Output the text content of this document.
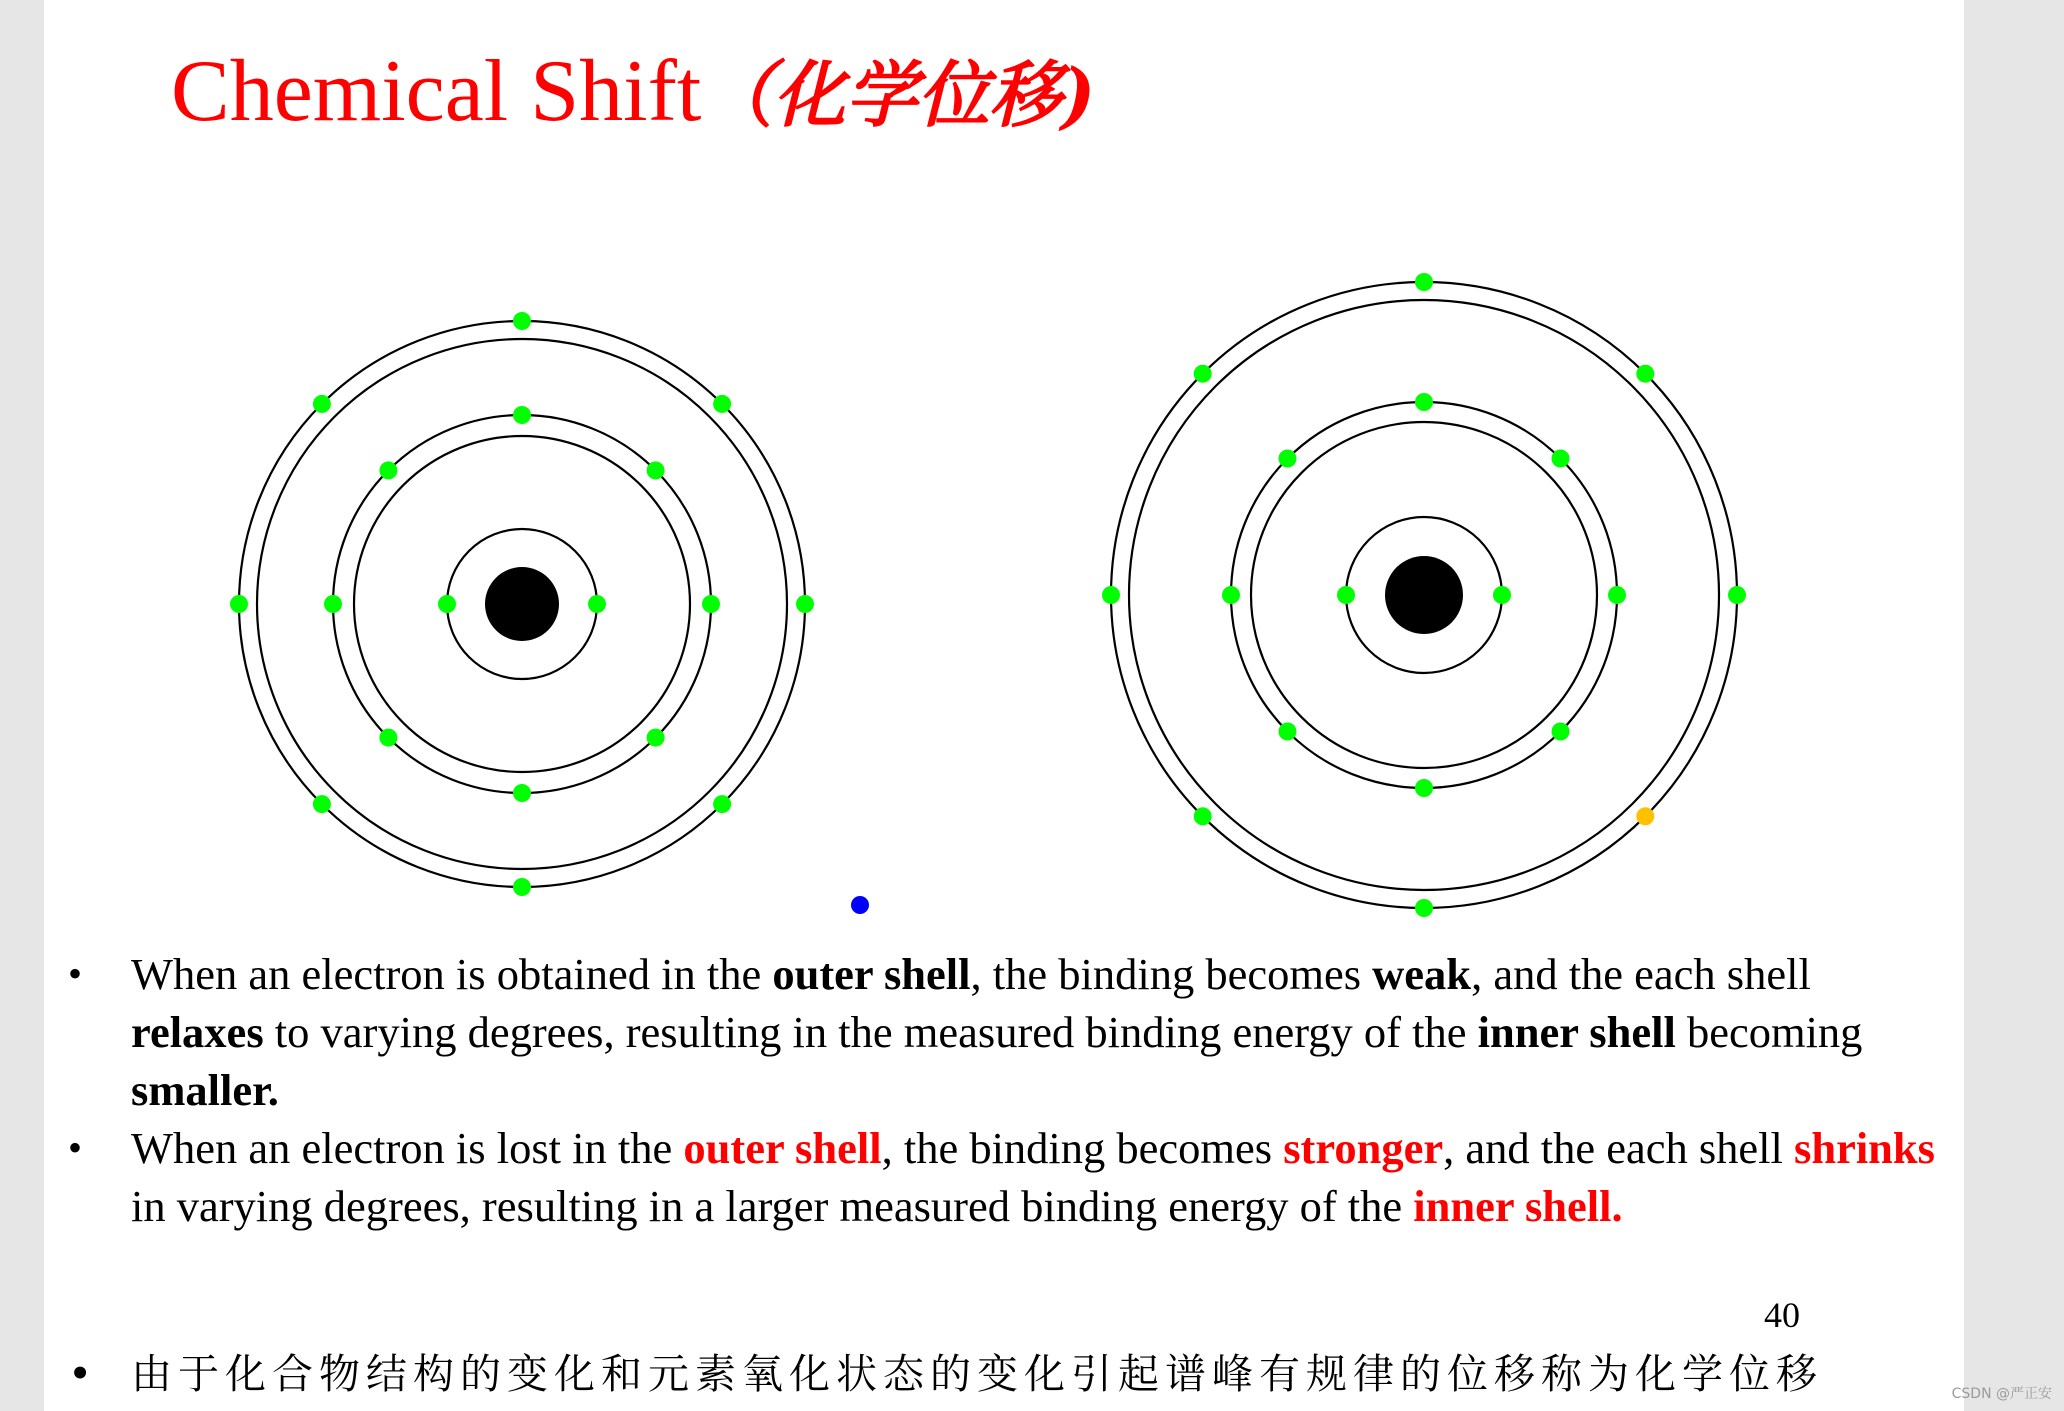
Chemical Shift（化学位移)
• When an electron is obtained in the outer shell, the binding becomes weak, and the each shell relaxes to varying degrees, resulting in the measured binding energy of the inner shell becoming smaller.
• When an electron is lost in the outer shell, the binding becomes stronger, and the each shell shrinks in varying degrees, resulting in a larger measured binding energy of the inner shell.
40
• 由于化合物结构的变化和元素氧化状态的变化引起谱峰有规律的位移称为化学位移	CSDN @严正安
